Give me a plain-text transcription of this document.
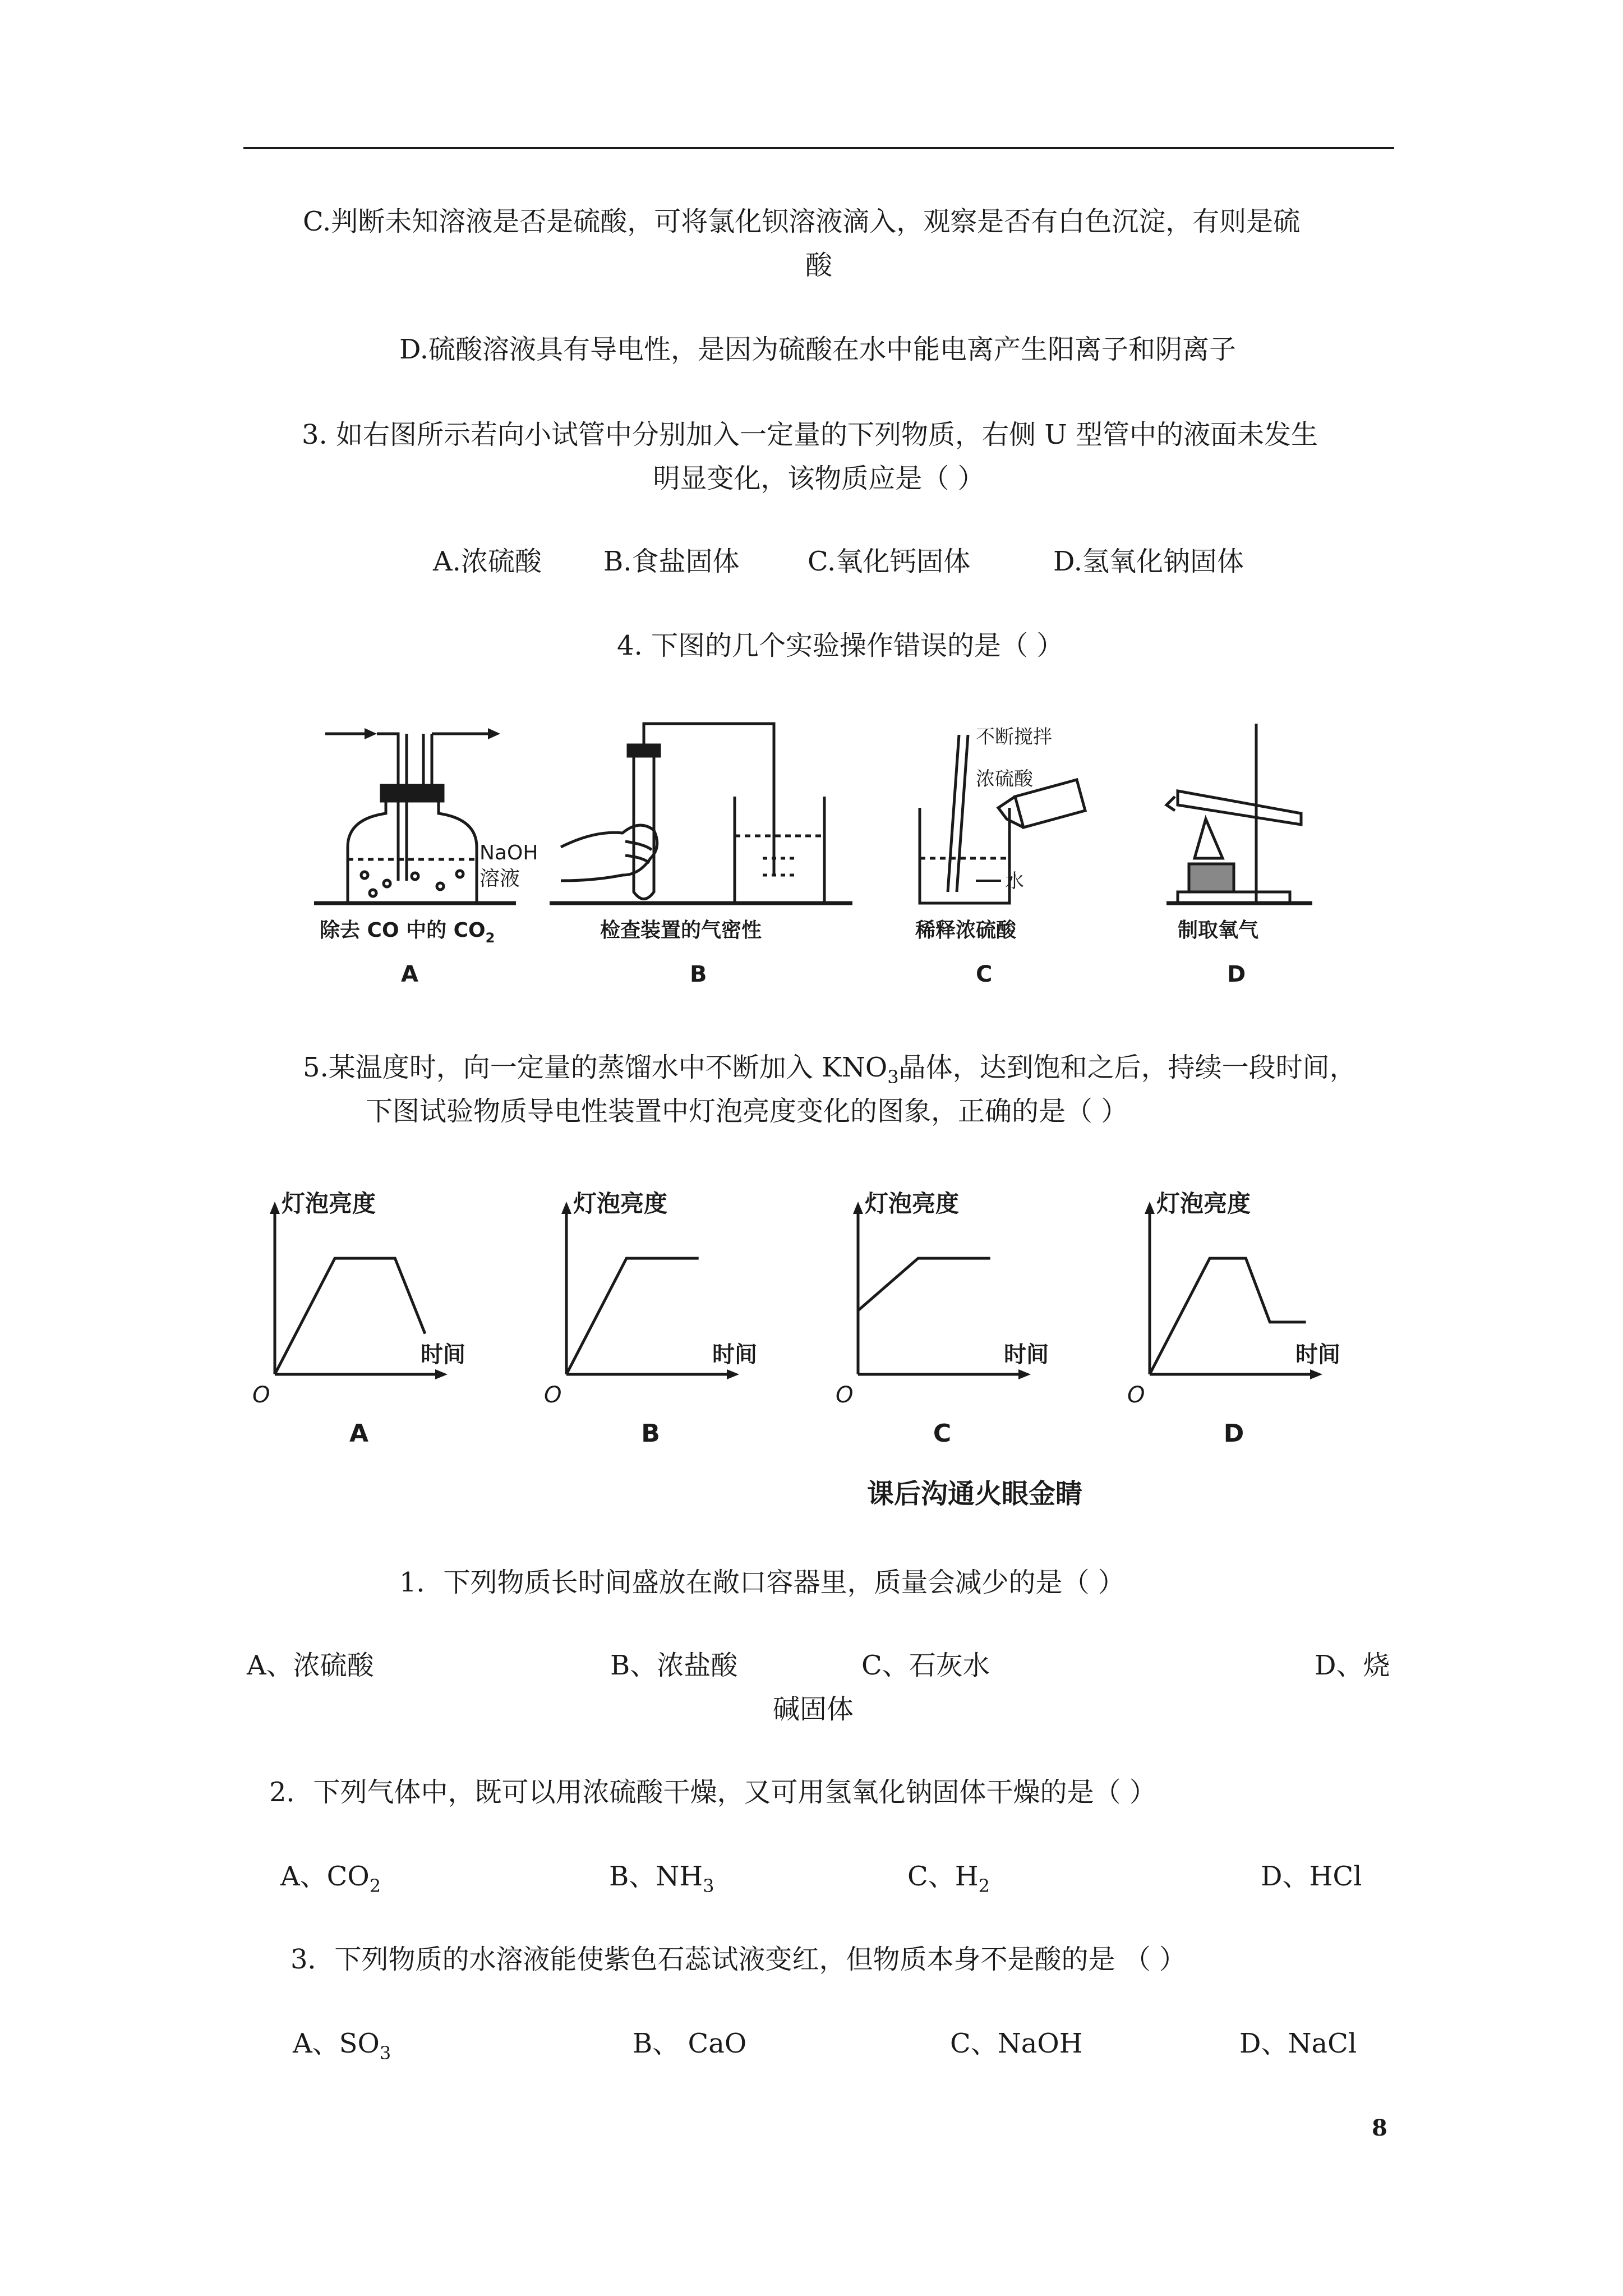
C.判断未知溶液是否是硫酸，可将氯化钡溶液滴入，观察是否有白色沉淀，有则是硫
酸
D.硫酸溶液具有导电性，是因为硫酸在水中能电离产生阳离子和阴离子
3. 如右图所示若向小试管中分别加入一定量的下列物质，右侧 U 型管中的液面未发生
明显变化，该物质应是（ ）
A.浓硫酸 B.食盐固体	C.氧化钙固体	D.氢氧化钠固体
4. 下图的几个实验操作错误的是（ ）
NaOH
溶液
除去 CO 中的 $CO_2$
A
检查装置的气密性
B
不断搅拌
浓硫酸
水
稀释浓硫酸
C
制取氧气
D
5.某温度时，向一定量的蒸馏水中不断加入 $KNO_3$晶体，达到饱和之后，持续一段时间，
下图试验物质导电性装置中灯泡亮度变化的图象，正确的是（ ）
灯泡亮度
时间
O
A
灯泡亮度
时间
O
B
灯泡亮度
时间
O
C
灯泡亮度
时间
O
D
课后沟通火眼金睛
1．下列物质长时间盛放在敞口容器里，质量会减少的是（ ）
A、浓硫酸	B、浓盐酸	C、石灰水	D、烧
碱固体
2．下列气体中，既可以用浓硫酸干燥，又可用氢氧化钠固体干燥的是（ ）
A、$CO_2$	B、$NH_3$	C、$H_2$	D、HCl
3．下列物质的水溶液能使紫色石蕊试液变红，但物质本身不是酸的是 （ ）
A、$SO_3$	B、 CaO	C、NaOH	D、NaCl
8
